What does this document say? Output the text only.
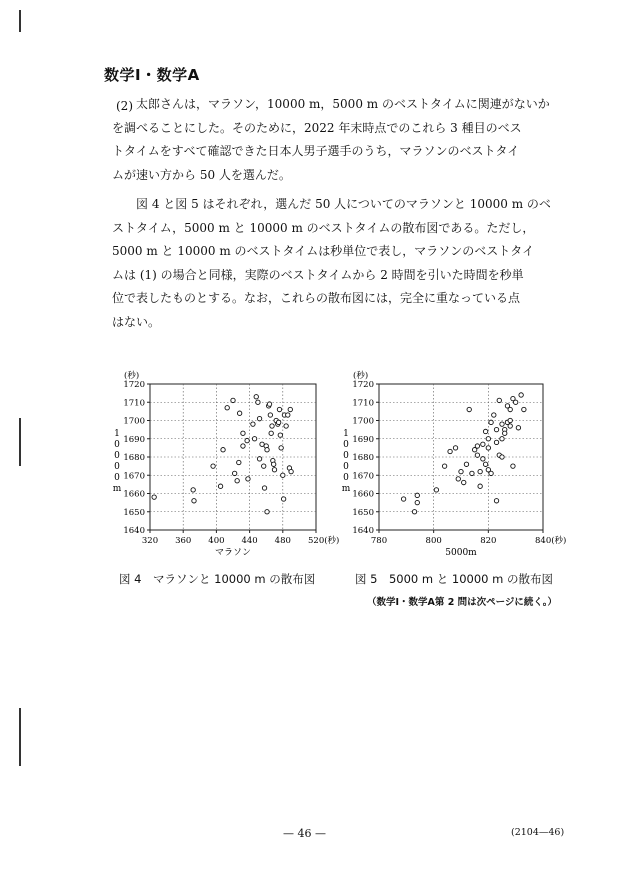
数学Ⅰ・数学A
(2) 太郎さんは，マラソン，10000 m，5000 m のベストタイムに関連がないか
を調べることにした。そのために，2022 年末時点でのこれら 3 種目のベス
トタイムをすべて確認できた日本人男子選手のうち，マラソンのベストタイ
ムが速い方から 50 人を選んだ。
図 4 と図 5 はそれぞれ，選んだ 50 人についてのマラソンと 10000 m のベ
ストタイム，5000 m と 10000 m のベストタイムの散布図である。ただし，
5000 m と 10000 m のベストタイムは秒単位で表し，マラソンのベストタイ
ムは (1) の場合と同様，実際のベストタイムから 2 時間を引いた時間を秒単
位で表したものとする。なお，これらの散布図には，完全に重なっている点
はない。
1640
1650
1660
1670
1680
1690
1700
1710
1720
320 360 400 440 480 520(秒)
(秒)
1
0
0
0
0
m
マラソン
1640
1650
1660
1670
1680
1690
1700
1710
1720
780	800	820	840(秒)
(秒)
1
0
0
0
0
m
5000m
図 4　マラソンと 10000 m の散布図	図 5　5000 m と 10000 m の散布図
（数学Ⅰ・数学A第 2 問は次ページに続く。）
— 46 —	(2104—46)
